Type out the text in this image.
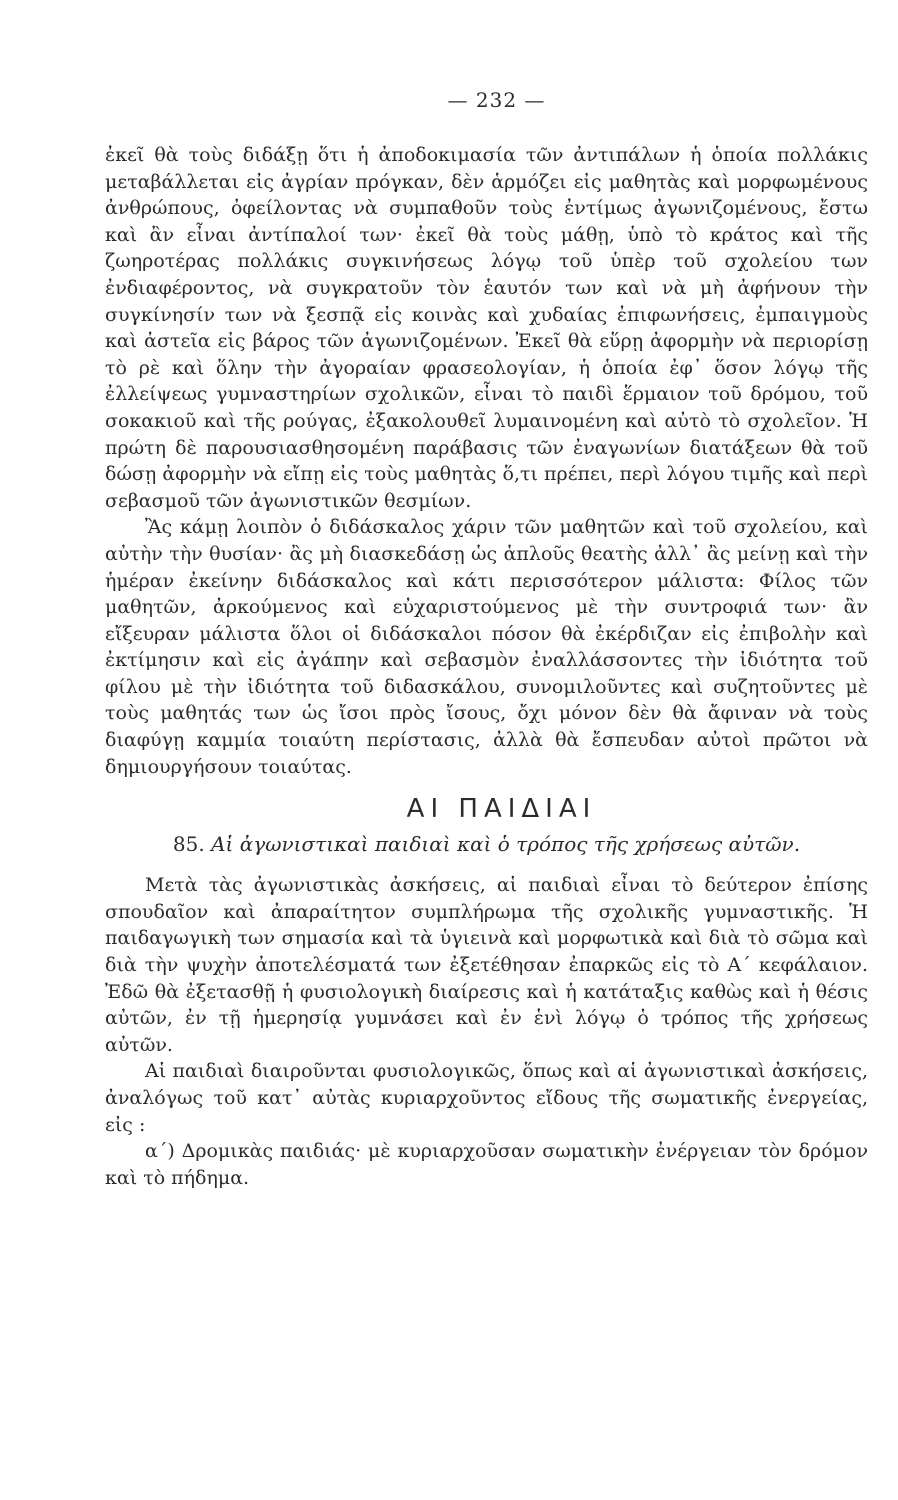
— 232 —

ἐκεῖ θὰ τοὺς διδάξῃ ὅτι ἡ ἀποδοκιμασία τῶν ἀντιπάλων ἡ ὁποία πολλάκις μεταβάλλεται εἰς ἀγρίαν πρόγκαν, δὲν ἁρμόζει εἰς μαθητὰς καὶ μορφωμένους ἀνθρώπους, ὀφείλοντας νὰ συμπαθοῦν τοὺς ἐντίμως ἀγωνιζομένους, ἔστω καὶ ἂν εἶναι ἀντίπαλοί των· ἐκεῖ θὰ τοὺς μάθῃ, ὑπὸ τὸ κράτος καὶ τῆς ζωηροτέρας πολλάκις συγκινήσεως λόγῳ τοῦ ὑπὲρ τοῦ σχολείου των ἐνδιαφέροντος, νὰ συγκρατοῦν τὸν ἑαυτόν των καὶ νὰ μὴ ἀφήνουν τὴν συγκίνησίν των νὰ ξεσπᾷ εἰς κοινὰς καὶ χυδαίας ἐπιφωνήσεις, ἐμπαιγμοὺς καὶ ἀστεῖα εἰς βάρος τῶν ἀγωνιζομένων. Ἐκεῖ θὰ εὕρῃ ἀφορμὴν νὰ περιορίσῃ τὸ ρὲ καὶ ὅλην τὴν ἀγοραίαν φρασεολογίαν, ἡ ὁποία ἐφ᾽ ὅσον λόγῳ τῆς ἐλλείψεως γυμναστηρίων σχολικῶν, εἶναι τὸ παιδὶ ἕρμαιον τοῦ δρόμου, τοῦ σοκακιοῦ καὶ τῆς ρούγας, ἐξακολουθεῖ λυμαινομένη καὶ αὐτὸ τὸ σχολεῖον. Ἡ πρώτη δὲ παρουσιασθησομένη παράβασις τῶν ἐναγωνίων διατάξεων θὰ τοῦ δώσῃ ἀφορμὴν νὰ εἴπῃ εἰς τοὺς μαθητὰς ὅ,τι πρέπει, περὶ λόγου τιμῆς καὶ περὶ σεβασμοῦ τῶν ἀγωνιστικῶν θεσμίων.

Ἂς κάμῃ λοιπὸν ὁ διδάσκαλος χάριν τῶν μαθητῶν καὶ τοῦ σχολείου, καὶ αὐτὴν τὴν θυσίαν· ἂς μὴ διασκεδάσῃ ὡς ἁπλοῦς θεατὴς ἀλλ᾽ ἂς μείνῃ καὶ τὴν ἡμέραν ἐκείνην διδάσκαλος καὶ κάτι περισσότερον μάλιστα: Φίλος τῶν μαθητῶν, ἀρκούμενος καὶ εὐχαριστούμενος μὲ τὴν συντροφιά των· ἂν εἴξευραν μάλιστα ὅλοι οἱ διδάσκαλοι πόσον θὰ ἐκέρδιζαν εἰς ἐπιβολὴν καὶ ἐκτίμησιν καὶ εἰς ἀγάπην καὶ σεβασμὸν ἐναλλάσσοντες τὴν ἰδιότητα τοῦ φίλου μὲ τὴν ἰδιότητα τοῦ διδασκάλου, συνομιλοῦντες καὶ συζητοῦντες μὲ τοὺς μαθητάς των ὡς ἴσοι πρὸς ἴσους, ὄχι μόνον δὲν θὰ ἄφιναν νὰ τοὺς διαφύγῃ καμμία τοιαύτη περίστασις, ἀλλὰ θὰ ἔσπευδαν αὐτοὶ πρῶτοι νὰ δημιουργήσουν τοιαύτας.

ΑΙ ΠΑΙΔΙΑΙ
85. Αἱ ἀγωνιστικαὶ παιδιαὶ καὶ ὁ τρόπος τῆς χρήσεως αὐτῶν.

Μετὰ τὰς ἀγωνιστικὰς ἀσκήσεις, αἱ παιδιαὶ εἶναι τὸ δεύτερον ἐπίσης σπουδαῖον καὶ ἀπαραίτητον συμπλήρωμα τῆς σχολικῆς γυμναστικῆς. Ἡ παιδαγωγικὴ των σημασία καὶ τὰ ὑγιεινὰ καὶ μορφωτικὰ καὶ διὰ τὸ σῶμα καὶ διὰ τὴν ψυχὴν ἀποτελέσματά των ἐξετέθησαν ἐπαρκῶς εἰς τὸ Α´ κεφάλαιον. Ἐδῶ θὰ ἐξετασθῇ ἡ φυσιολογικὴ διαίρεσις καὶ ἡ κατάταξις καθὼς καὶ ἡ θέσις αὐτῶν, ἐν τῇ ἡμερησίᾳ γυμνάσει καὶ ἐν ἑνὶ λόγῳ ὁ τρόπος τῆς χρήσεως αὐτῶν.

Αἱ παιδιαὶ διαιροῦνται φυσιολογικῶς, ὅπως καὶ αἱ ἀγωνιστικαὶ ἀσκήσεις, ἀναλόγως τοῦ κατ᾽ αὐτὰς κυριαρχοῦντος εἴδους τῆς σωματικῆς ἐνεργείας, εἰς :

α´) Δρομικὰς παιδιάς· μὲ κυριαρχοῦσαν σωματικὴν ἐνέργειαν τὸν δρόμον καὶ τὸ πήδημα.
